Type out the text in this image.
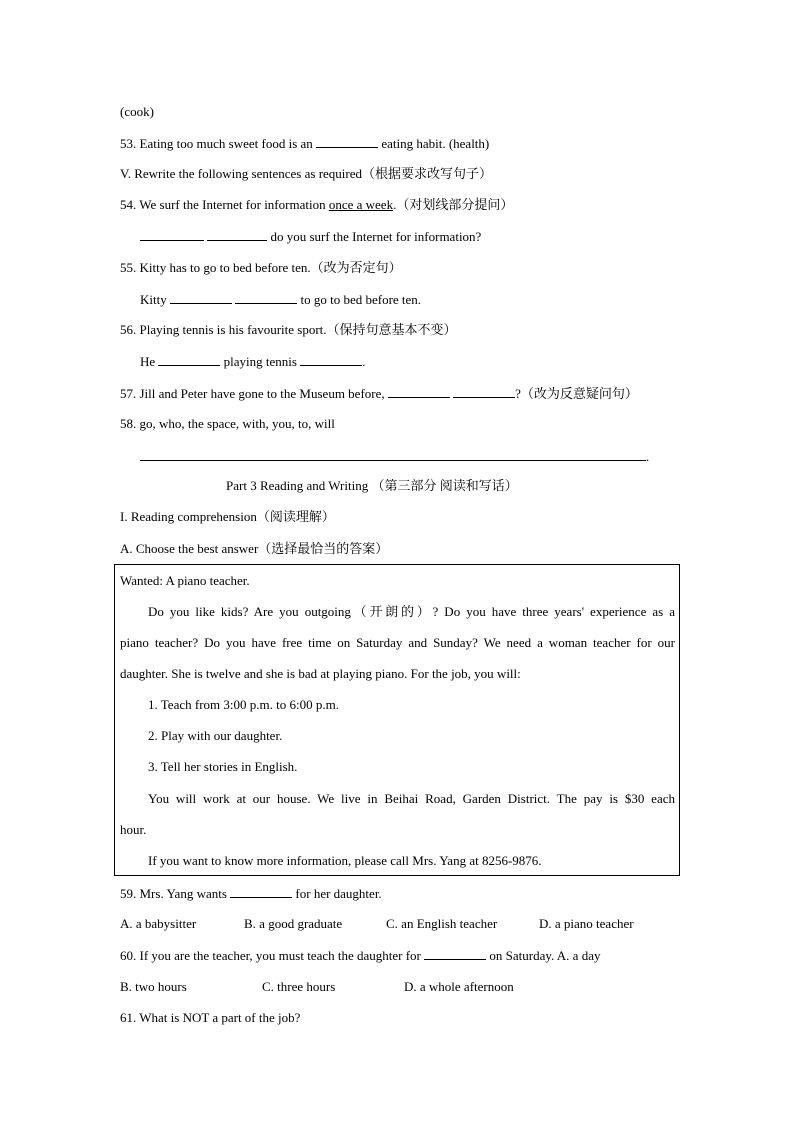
(cook)
53. Eating too much sweet food is an	eating habit. (health)
V. Rewrite the following sentences as required（根据要求改写句子）
54. We surf the Internet for information once a week.（对划线部分提问）
do you surf the Internet for information?
55. Kitty has to go to bed before ten.（改为否定句）
Kitty	to go to bed before ten.
56. Playing tennis is his favourite sport.（保持句意基本不变）
He	playing tennis	.
57. Jill and Peter have gone to the Museum before,	?（改为反意疑问句）
58. go, who, the space, with, you, to, will
.
Part 3 Reading and Writing （第三部分 阅读和写话）
I. Reading comprehension（阅读理解）
A. Choose the best answer（选择最恰当的答案）
Wanted: A piano teacher.
Do you like kids? Are you outgoing（开朗的）? Do you have three years' experience as a
piano teacher? Do you have free time on Saturday and Sunday? We need a woman teacher for our
daughter. She is twelve and she is bad at playing piano. For the job, you will:
1. Teach from 3:00 p.m. to 6:00 p.m.
2. Play with our daughter.
3. Tell her stories in English.
You will work at our house. We live in Beihai Road, Garden District. The pay is $30 each
hour.
If you want to know more information, please call Mrs. Yang at 8256-9876.
59. Mrs. Yang wants	for her daughter.
A. a babysitter	B. a good graduate	C. an English teacher	D. a piano teacher
60. If you are the teacher, you must teach the daughter for	on Saturday. A. a day
B. two hours	C. three hours	D. a whole afternoon
61. What is NOT a part of the job?
